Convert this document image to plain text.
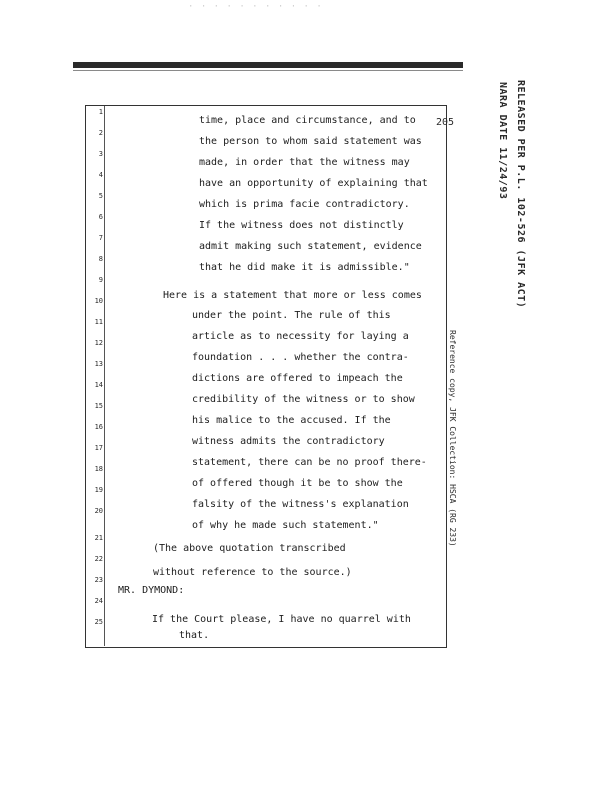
· · · · · · · · · · ·
205
1
2
3
4
5
6
7
8
9
10
11
12
13
14
15
16
17
18
19
20
21
22
23
24
25
time, place and circumstance, and to
the person to whom said statement was
made, in order that the witness may
have an opportunity of explaining that
which is prima facie contradictory.
If the witness does not distinctly
admit making such statement, evidence
that he did make it is admissible."
Here is a statement that more or less comes
under the point. The rule of this
article as to necessity for laying a
foundation . . . whether the contra-
dictions are offered to impeach the
credibility of the witness or to show
his malice to the accused. If the
witness admits the contradictory
statement, there can be no proof there-
of offered though it be to show the
falsity of the witness's explanation
of why he made such statement."
(The above quotation transcribed
without reference to the source.)
MR. DYMOND:
If the Court please, I have no quarrel with
that.
RELEASED PER P.L. 102-526 (JFK ACT)
NARA DATE 11/24/93
Reference copy, JFK Collection: HSCA (RG 233)
